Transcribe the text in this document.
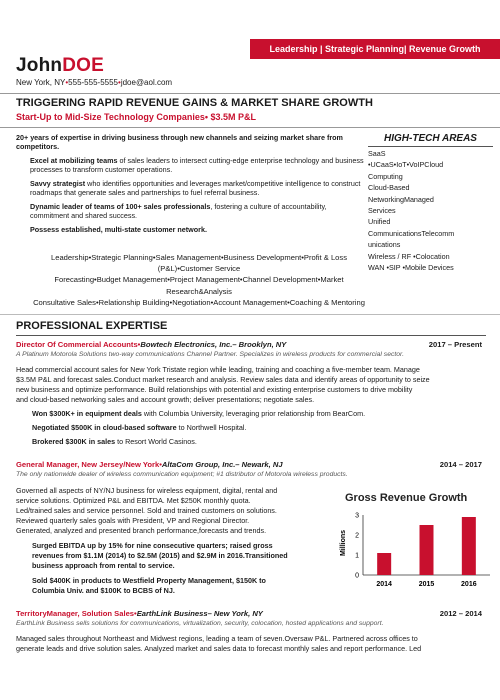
Leadership | Strategic Planning| Revenue Growth
JohnDOE
New York, NY•555-555-5555•jdoe@aol.com
TRIGGERING RAPID REVENUE GAINS & MARKET SHARE GROWTH
Start-Up to Mid-Size Technology Companies• $3.5M P&L

20+ years of expertise in driving business through new channels and seizing market share from competitors.

Excel at mobilizing teams of sales leaders to intersect cutting-edge enterprise technology and business processes to transform customer operations.

Savvy strategist who identifies opportunities and leverages market/competitive intelligence to construct roadmaps that generate sales and partnerships to fuel referral business.

Dynamic leader of teams of 100+ sales professionals, fostering a culture of accountability, commitment and shared success.

Possess established, multi-state customer network.

HIGH-TECH AREAS
SaaS
•UCaaS•IoT•VoIPCloud
Computing
Cloud-Based
NetworkingManaged
Services
Unified
CommunicationsTelecomm
unications
Wireless / RF •Colocation
WAN •SIP •Mobile Devices
Leadership•Strategic Planning•Sales Management•Business Development•Profit & Loss
(P&L)•Customer Service
Forecasting•Budget Management•Project Management•Channel Development•Market
Research&Analysis
Consultative Sales•Relationship Building•Negotiation•Account Management•Coaching & Mentoring
PROFESSIONAL EXPERTISE
Director Of Commercial Accounts•Bowtech Electronics, Inc.– Brooklyn, NY	2017 – Present
A Platinum Motorola Solutions two-way communications Channel Partner. Specializes in wireless products for commercial sector.
Head commercial account sales for New York Tristate region while leading, training and coaching a five-member team. Manage
$3.5M P&L and forecast sales.Conduct market research and analysis. Review sales data and identify areas of opportunity to seize
new business and optimize performance. Build relationships with potential and existing enterprise customers to drive mobility
and cloud-based networking sales and account growth; deliver presentations; negotiate sales.
Won $300K+ in equipment deals with Columbia University, leveraging prior relationship from BearCom.
Negotiated $500K in cloud-based software to Northwell Hospital.
Brokered $300K in sales to Resort World Casinos.
General Manager, New Jersey/New York•AltaCom Group, Inc.– Newark, NJ	2014 – 2017
The only nationwide dealer of wireless communication equipment; #1 distributor of Motorola wireless products.
Governed all aspects of NY/NJ business for wireless equipment, digital, rental and
service solutions. Optimized P&L and EBITDA. Met $250K monthly quota.
Led/trained sales and service personnel. Sold and trained customers on solutions.
Reviewed quarterly sales goals with President, VP and Regional Director.
Generated, analyzed and presented branch performance,forecasts and trends.
Surged EBITDA up by 15% for nine consecutive quarters; raised gross
revenues from $1.1M (2014) to $2.5M (2015) and $2.9M in 2016.Transitioned
business approach from rental to service.
Sold $400K in products to Westfield Property Management, $150K to
Columbia Univ. and $100K to BCBS of NJ.
Gross Revenue Growth
Millions
0
1
2
3
2014	2015	2016
TerritoryManager, Solution Sales•EarthLink Business– New York, NY	2012 – 2014
EarthLink Business sells solutions for communications, virtualization, security, colocation, hosted applications and support.
Managed sales throughout Northeast and Midwest regions, leading a team of seven.Oversaw P&L. Partnered across offices to
generate leads and drive solution sales. Analyzed market and sales data to forecast monthly sales and report performance. Led
